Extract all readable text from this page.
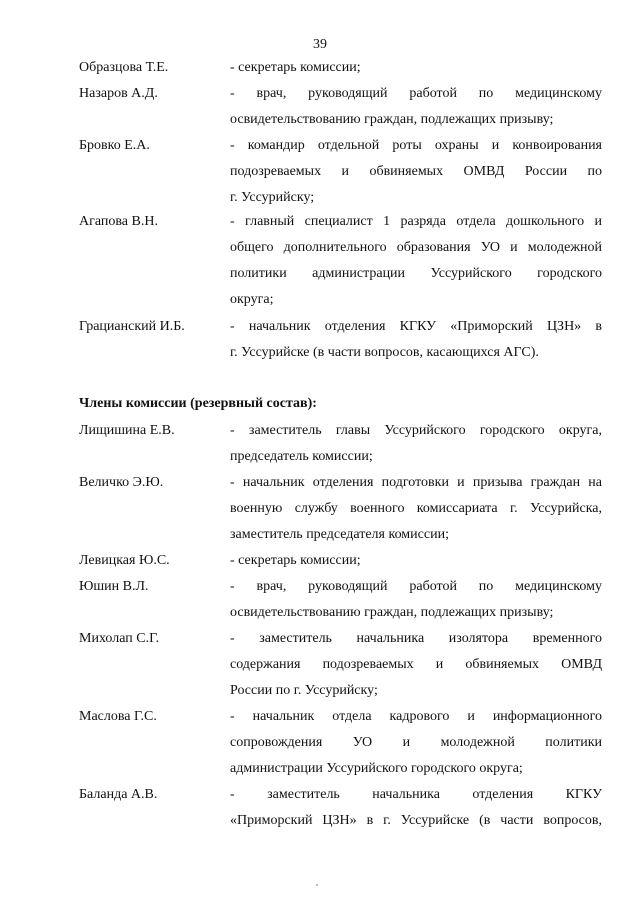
39
Образцова Т.Е.	- секретарь комиссии;
Назаров А.Д.	- врач, руководящий работой по медицинскому
освидетельствованию граждан, подлежащих призыву;
Бровко Е.А.	- командир отдельной роты охраны и конвоирования
подозреваемых и обвиняемых ОМВД России по
г. Уссурийску;
Агапова В.Н.	- главный специалист 1 разряда отдела дошкольного и
общего дополнительного образования УО и молодежной
политики администрации Уссурийского городского
округа;
Грацианский И.Б.	- начальник отделения КГКУ «Приморский ЦЗН» в
г. Уссурийске (в части вопросов, касающихся АГС).
Члены комиссии (резервный состав):
Лищишина Е.В.	- заместитель главы Уссурийского городского округа,
председатель комиссии;
Величко Э.Ю.	- начальник отделения подготовки и призыва граждан на
военную службу военного комиссариата г. Уссурийска,
заместитель председателя комиссии;
Левицкая Ю.С.	- секретарь комиссии;
Юшин В.Л.	- врач, руководящий работой по медицинскому
освидетельствованию граждан, подлежащих призыву;
Михолап С.Г.	- заместитель начальника изолятора временного
содержания подозреваемых и обвиняемых ОМВД
России по г. Уссурийску;
Маслова Г.С.	- начальник отдела кадрового и информационного
сопровождения УО и молодежной политики
администрации Уссурийского городского округа;
Баланда А.В.	- заместитель начальника отделения КГКУ
«Приморский ЦЗН» в г. Уссурийске (в части вопросов,
